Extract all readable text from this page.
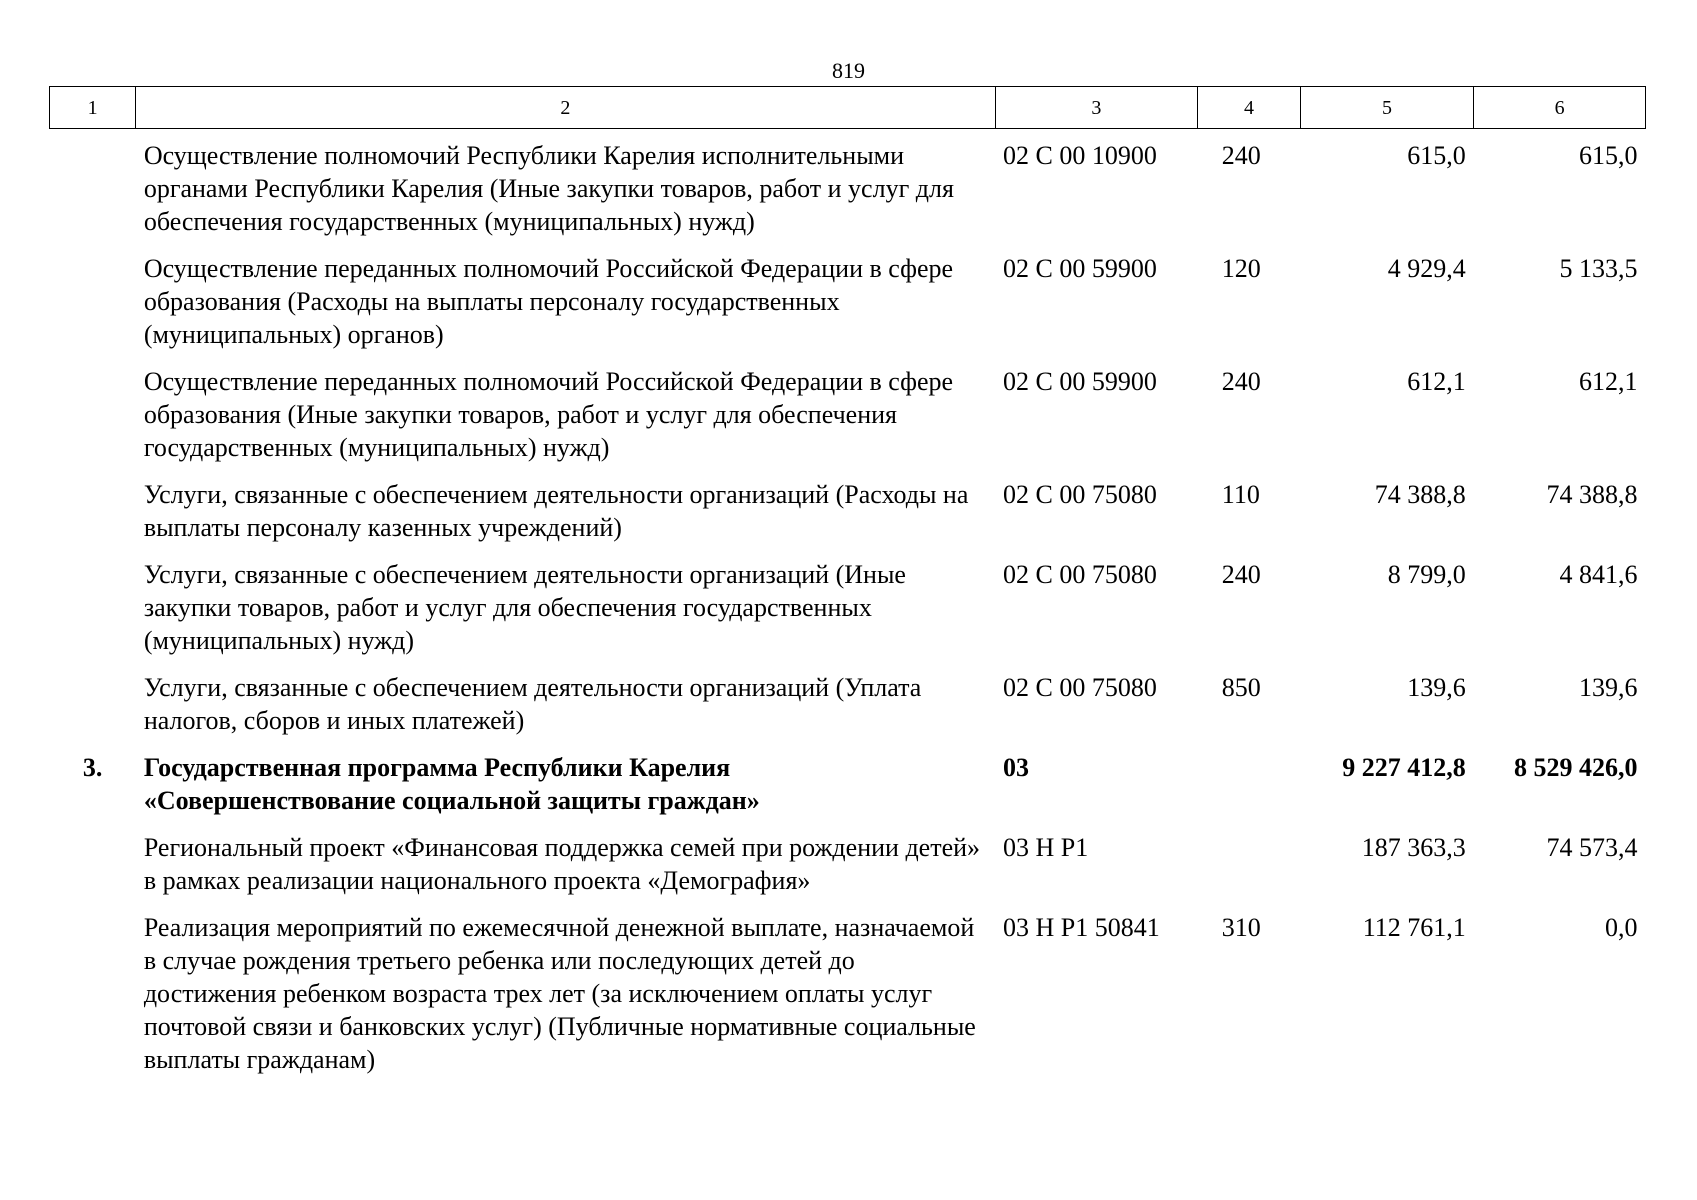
819
1	2	3	4	5	6
	Осуществление полномочий Республики Карелия исполнительными органами Республики Карелия (Иные закупки товаров, работ и услуг для обеспечения государственных (муниципальных) нужд)	02 С 00 10900	240	615,0	615,0
	Осуществление переданных полномочий Российской Федерации в сфере образования (Расходы на выплаты персоналу государственных (муниципальных) органов)	02 С 00 59900	120	4 929,4	5 133,5
	Осуществление переданных полномочий Российской Федерации в сфере образования (Иные закупки товаров, работ и услуг для обеспечения государственных (муниципальных) нужд)	02 С 00 59900	240	612,1	612,1
	Услуги, связанные с обеспечением деятельности организаций (Расходы на выплаты персоналу казенных учреждений)	02 С 00 75080	110	74 388,8	74 388,8
	Услуги, связанные с обеспечением деятельности организаций (Иные закупки товаров, работ и услуг для обеспечения государственных (муниципальных) нужд)	02 С 00 75080	240	8 799,0	4 841,6
	Услуги, связанные с обеспечением деятельности организаций (Уплата налогов, сборов и иных платежей)	02 С 00 75080	850	139,6	139,6
3.	Государственная программа Республики Карелия «Совершенствование социальной защиты граждан»	03		9 227 412,8	8 529 426,0
	Региональный проект «Финансовая поддержка семей при рождении детей» в рамках реализации национального проекта «Демография»	03 Н Р1		187 363,3	74 573,4
	Реализация мероприятий по ежемесячной денежной выплате, назначаемой в случае рождения третьего ребенка или последующих детей до достижения ребенком возраста трех лет (за исключением оплаты услуг почтовой связи и банковских услуг) (Публичные нормативные социальные выплаты гражданам)	03 Н Р1 50841	310	112 761,1	0,0
